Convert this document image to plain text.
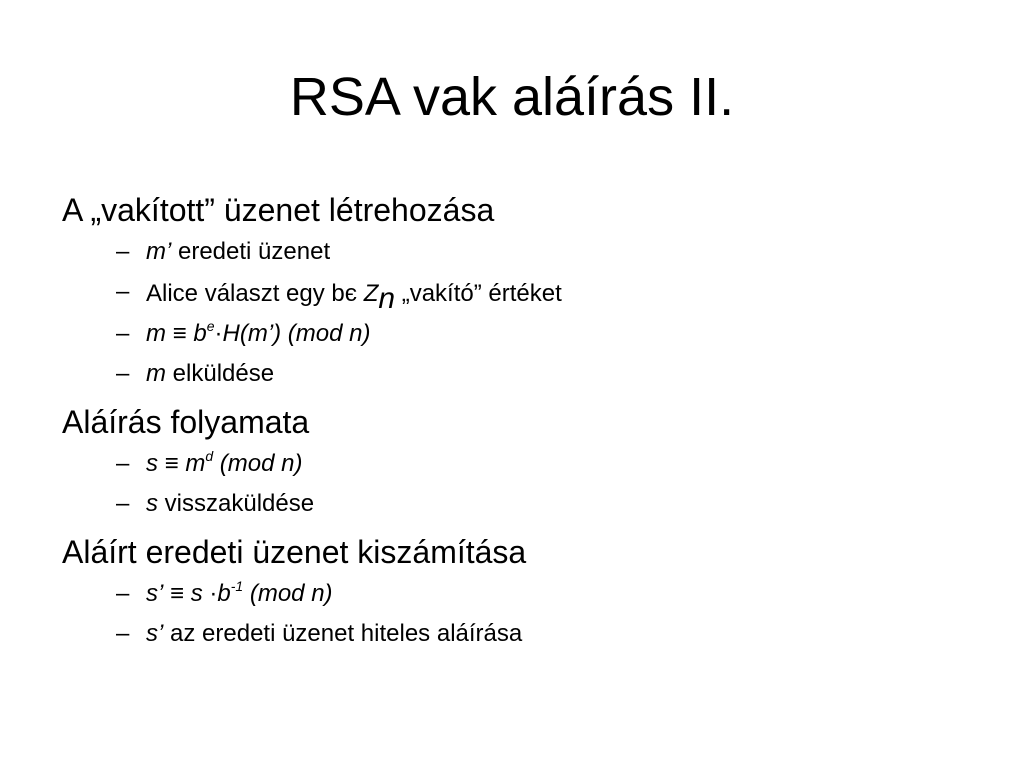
RSA vak aláírás II.

A „vakított” üzenet létrehozása

– m’ eredeti üzenet
– Alice választ egy bє Zn „vakító” értéket
– $m \equiv b^e\cdot H(m’)$ (mod n)
– m elküldése

Aláírás folyamata

– $s \equiv m^d$ (mod n)
– s visszaküldése

Aláírt eredeti üzenet kiszámítása

– s’ ≡ $s \cdot b^{-1}$ (mod n)
– s’ az eredeti üzenet hiteles aláírása
